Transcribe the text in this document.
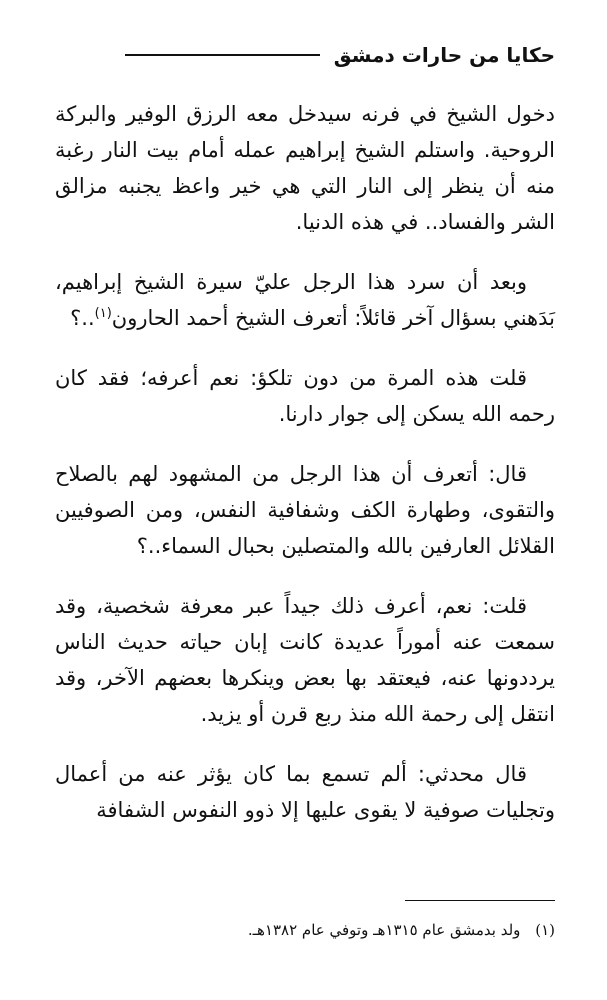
حكايا من حارات دمشق

دخول الشيخ في فرنه سيدخل معه الرزق الوفير والبركة الروحية. واستلم الشيخ إبراهيم عمله أمام بيت النار رغبة منه أن ينظر إلى النار التي هي خير واعظ يجنبه مزالق الشر والفساد.. في هذه الدنيا.

وبعد أن سرد هذا الرجل عليّ سيرة الشيخ إبراهيم، بَدَهني بسؤال آخر قائلاً: أتعرف الشيخ أحمد الحارون$^{(١)}$..؟

قلت هذه المرة من دون تلكؤ: نعم أعرفه؛ فقد كان رحمه الله يسكن إلى جوار دارنا.

قال: أتعرف أن هذا الرجل من المشهود لهم بالصلاح والتقوى، وطهارة الكف وشفافية النفس، ومن الصوفيين القلائل العارفين بالله والمتصلين بحبال السماء..؟

قلت: نعم، أعرف ذلك جيداً عبر معرفة شخصية، وقد سمعت عنه أموراً عديدة كانت إبان حياته حديث الناس يرددونها عنه، فيعتقد بها بعض وينكرها بعضهم الآخر، وقد انتقل إلى رحمة الله منذ ربع قرن أو يزيد.

قال محدثي: ألم تسمع بما كان يؤثر عنه من أعمال وتجليات صوفية لا يقوى عليها إلا ذوو النفوس الشفافة

(١) ولد بدمشق عام ١٣١٥هـ وتوفي عام ١٣٨٢هـ.
